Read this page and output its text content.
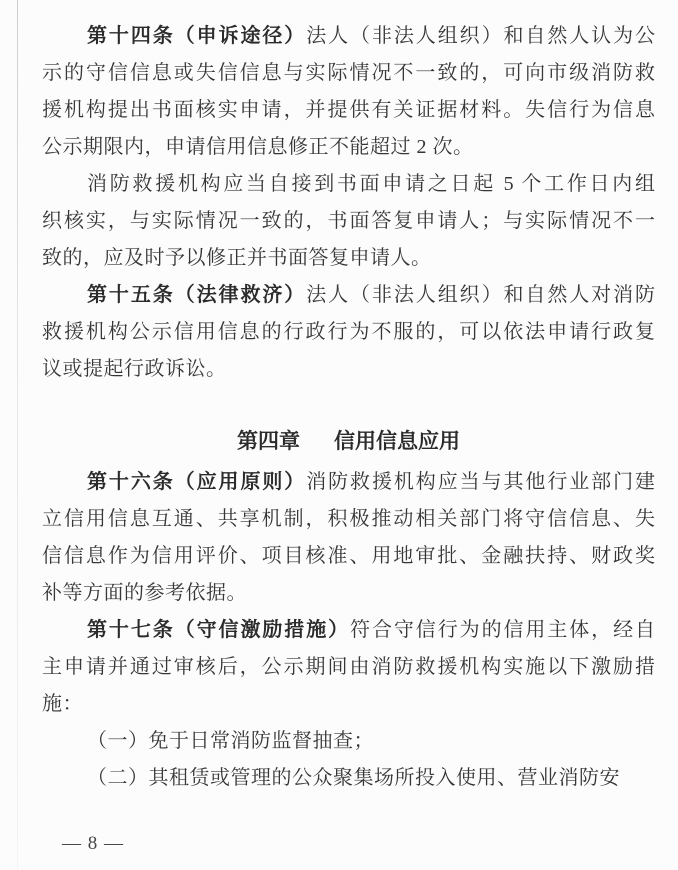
第十四条（申诉途径）法人（非法人组织）和自然人认为公
示的守信信息或失信信息与实际情况不一致的，可向市级消防救
援机构提出书面核实申请，并提供有关证据材料。失信行为信息
公示期限内，申请信用信息修正不能超过 2 次。
消防救援机构应当自接到书面申请之日起 5 个工作日内组
织核实，与实际情况一致的，书面答复申请人；与实际情况不一
致的，应及时予以修正并书面答复申请人。
第十五条（法律救济）法人（非法人组织）和自然人对消防
救援机构公示信用信息的行政行为不服的，可以依法申请行政复
议或提起行政诉讼。
第四章 信用信息应用
第十六条（应用原则）消防救援机构应当与其他行业部门建
立信用信息互通、共享机制，积极推动相关部门将守信信息、失
信信息作为信用评价、项目核准、用地审批、金融扶持、财政奖
补等方面的参考依据。
第十七条（守信激励措施）符合守信行为的信用主体，经自
主申请并通过审核后，公示期间由消防救援机构实施以下激励措
施：
（一）免于日常消防监督抽查；
（二）其租赁或管理的公众聚集场所投入使用、营业消防安
— 8 —
